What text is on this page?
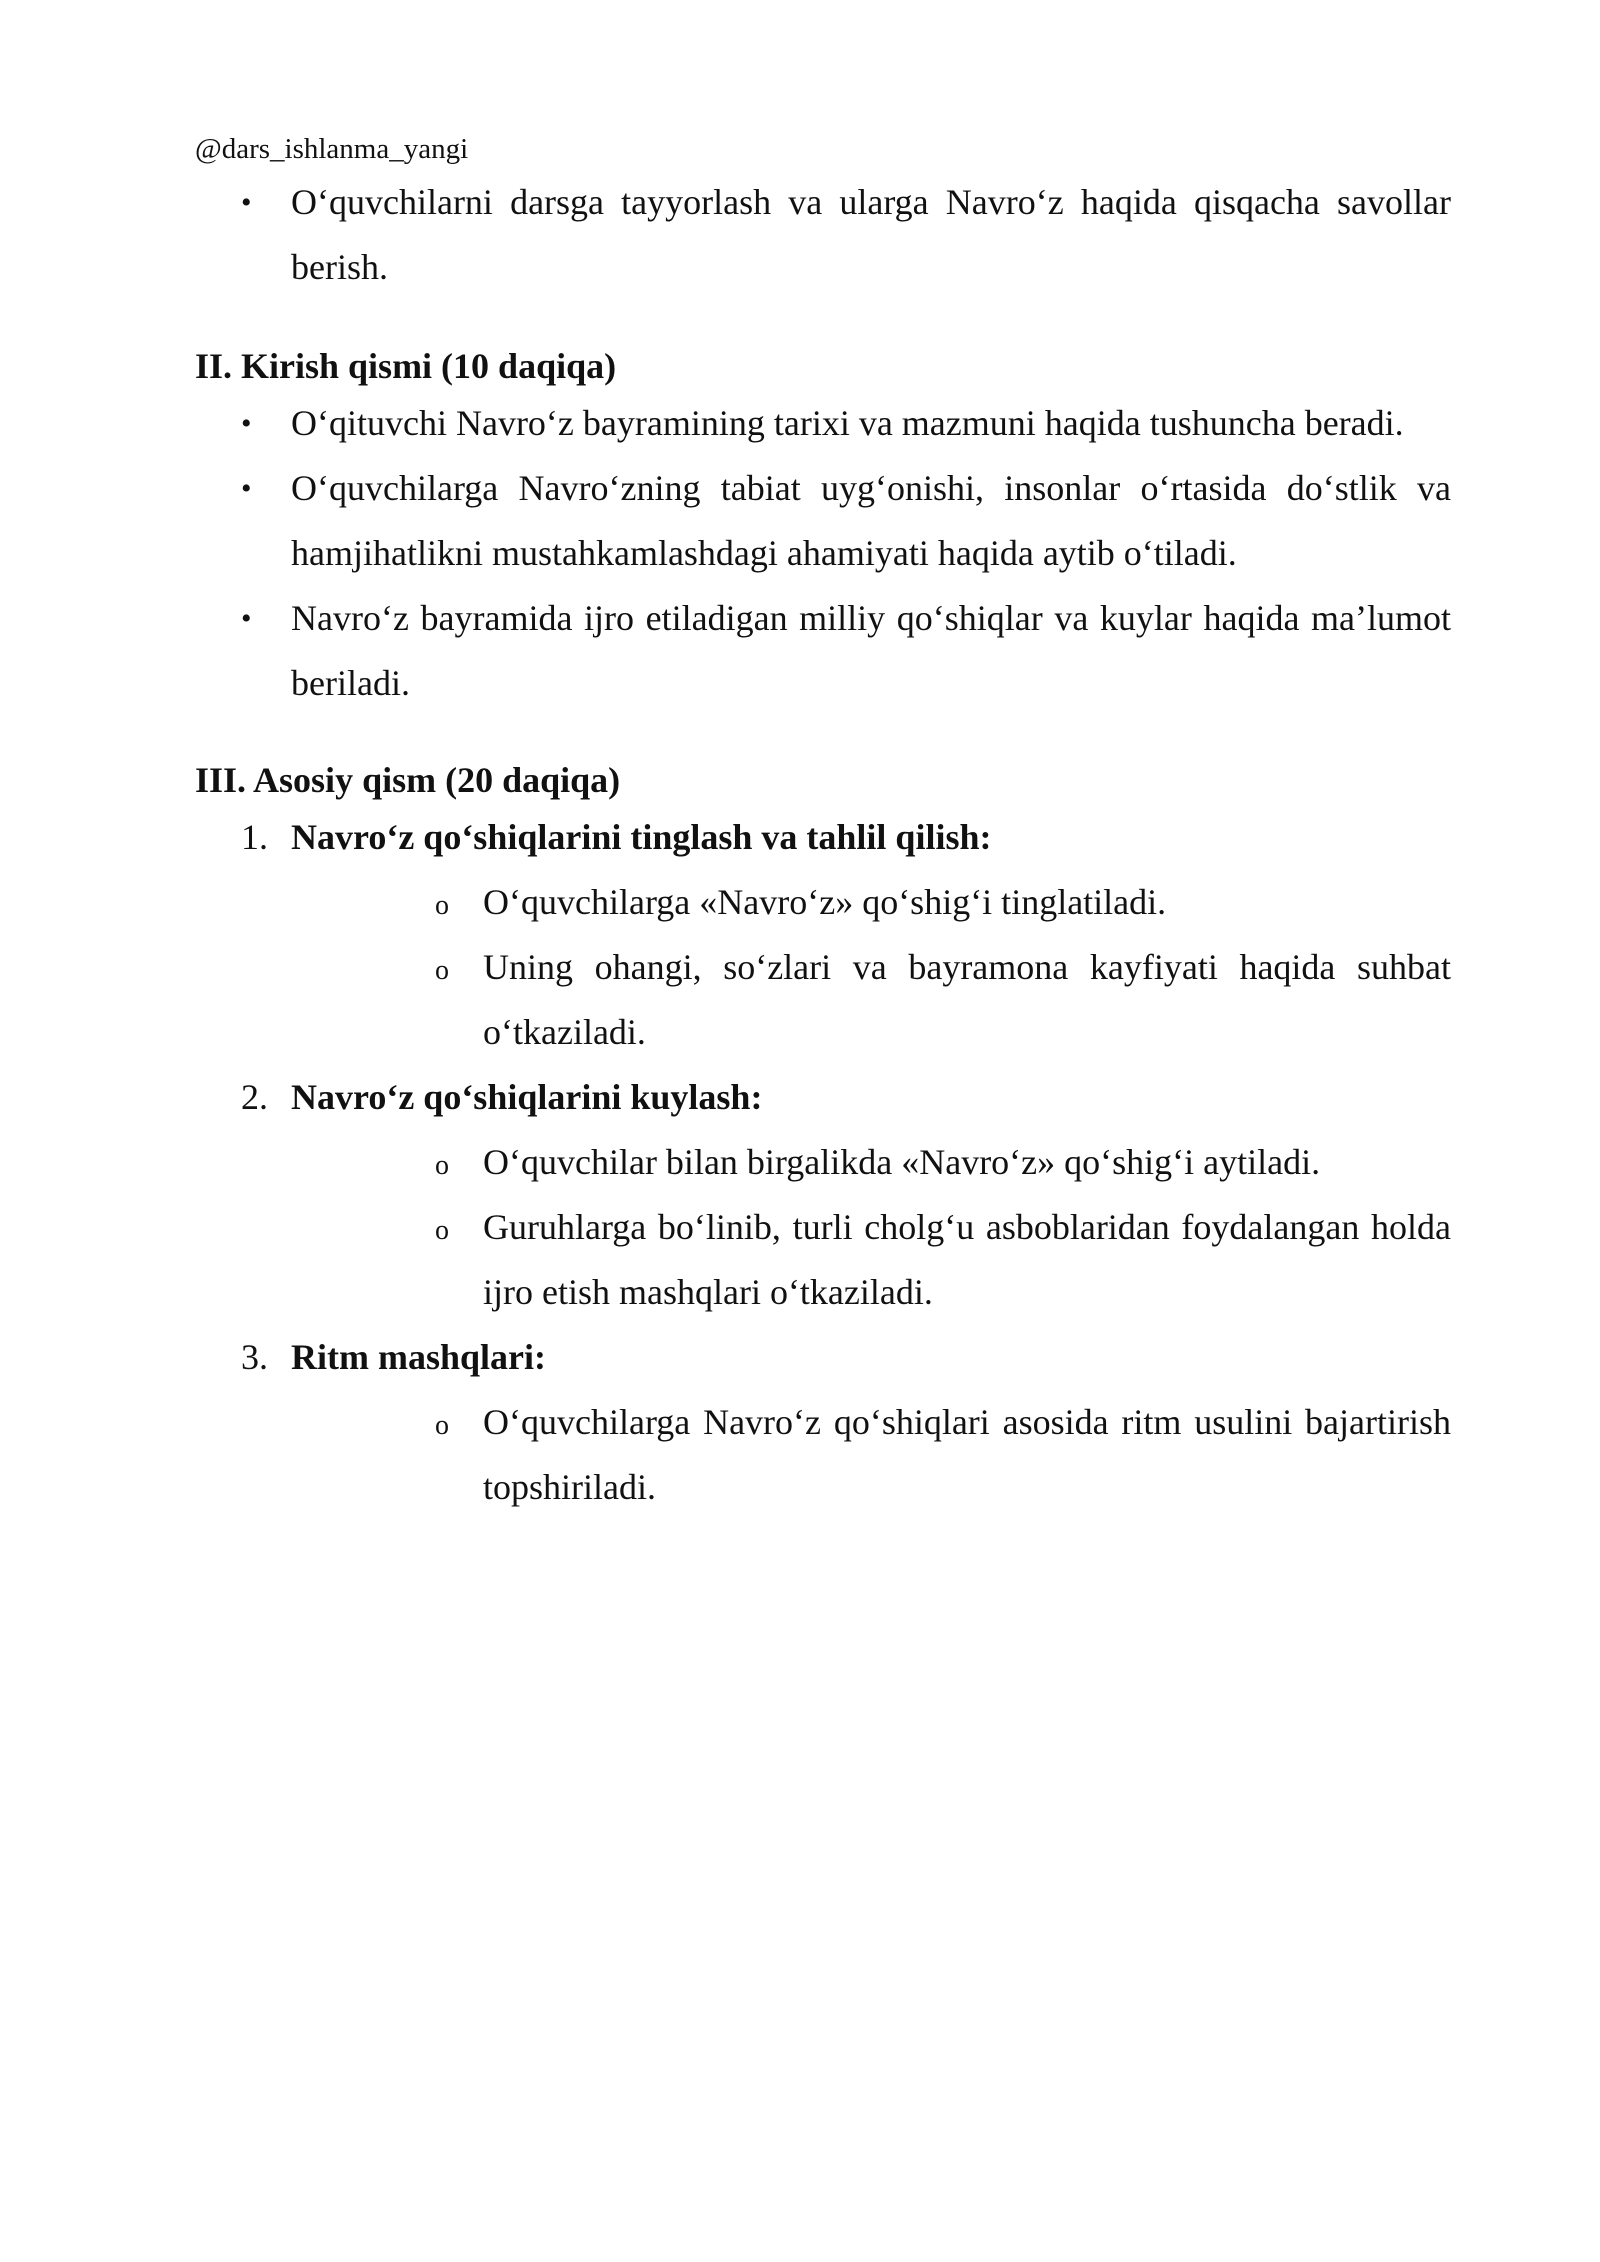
@dars_ishlanma_yangi

• O‘quvchilarni darsga tayyorlash va ularga Navro‘z haqida qisqacha savollar berish.
II. Kirish qismi (10 daqiqa)
• O‘qituvchi Navro‘z bayramining tarixi va mazmuni haqida tushuncha beradi.
• O‘quvchilarga Navro‘zning tabiat uyg‘onishi, insonlar o‘rtasida do‘stlik va hamjihatlikni mustahkamlashdagi ahamiyati haqida aytib o‘tiladi.
• Navro‘z bayramida ijro etiladigan milliy qo‘shiqlar va kuylar haqida ma’lumot beriladi.
III. Asosiy qism (20 daqiqa)
1. Navro‘z qo‘shiqlarini tinglash va tahlil qilish:
o O‘quvchilarga «Navro‘z» qo‘shig‘i tinglatiladi.
o Uning ohangi, so‘zlari va bayramona kayfiyati haqida suhbat o‘tkaziladi.
2. Navro‘z qo‘shiqlarini kuylash:
o O‘quvchilar bilan birgalikda «Navro‘z» qo‘shig‘i aytiladi.
o Guruhlarga bo‘linib, turli cholg‘u asboblaridan foydalangan holda ijro etish mashqlari o‘tkaziladi.
3. Ritm mashqlari:
o O‘quvchilarga Navro‘z qo‘shiqlari asosida ritm usulini bajartirish topshiriladi.
